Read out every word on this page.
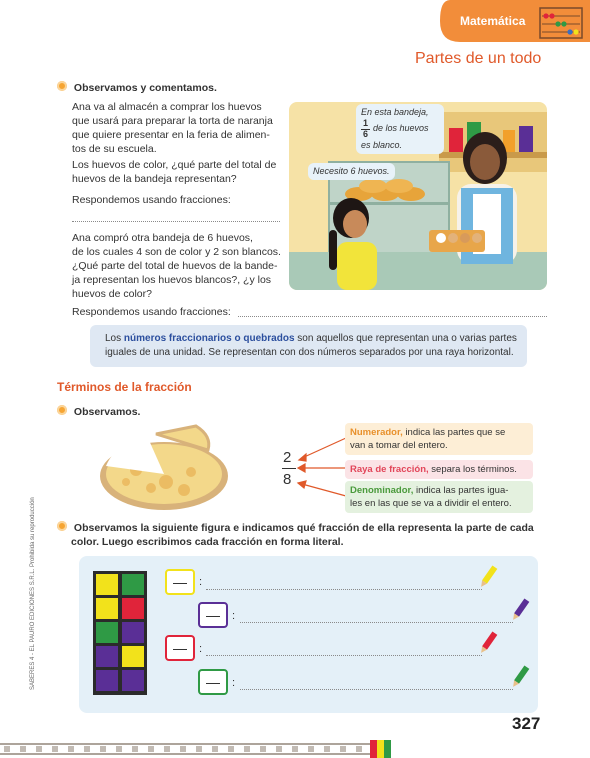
Matemática
Partes de un todo
Observamos y comentamos.
Ana va al almacén a comprar los huevos
que usará para preparar la torta de naranja
que quiere presentar en la feria de alimen-
tos de su escuela.
Los huevos de color, ¿qué parte del total de
huevos de la bandeja representan?
Respondemos usando fracciones:
Ana compró otra bandeja de 6 huevos,
de los cuales 4 son de color y 2 son blancos.
¿Qué parte del total de huevos de la bande-
ja representan los huevos blancos?, ¿y los
huevos de color?
Respondemos usando fracciones:
En esta bandeja,
1
6
de los huevos
es blanco.
Necesito 6 huevos.
Los números fraccionarios o quebrados son aquellos que representan una o varias partes
iguales de una unidad. Se representan con dos números separados por una raya horizontal.
Términos de la fracción
Observamos.
2
8
Numerador, indica las partes que se
van a tomar del entero.
Raya de fracción, separa los términos.
Denominador, indica las partes igua-
les en las que se va a dividir el entero.
Observamos la siguiente figura e indicamos qué fracción de ella representa la parte de cada
color. Luego escribimos cada fracción en forma literal.
:
:
:
:
SABERES 4 - EL PAURO EDICIONES S.R.L. Prohibida su reproducción
327
